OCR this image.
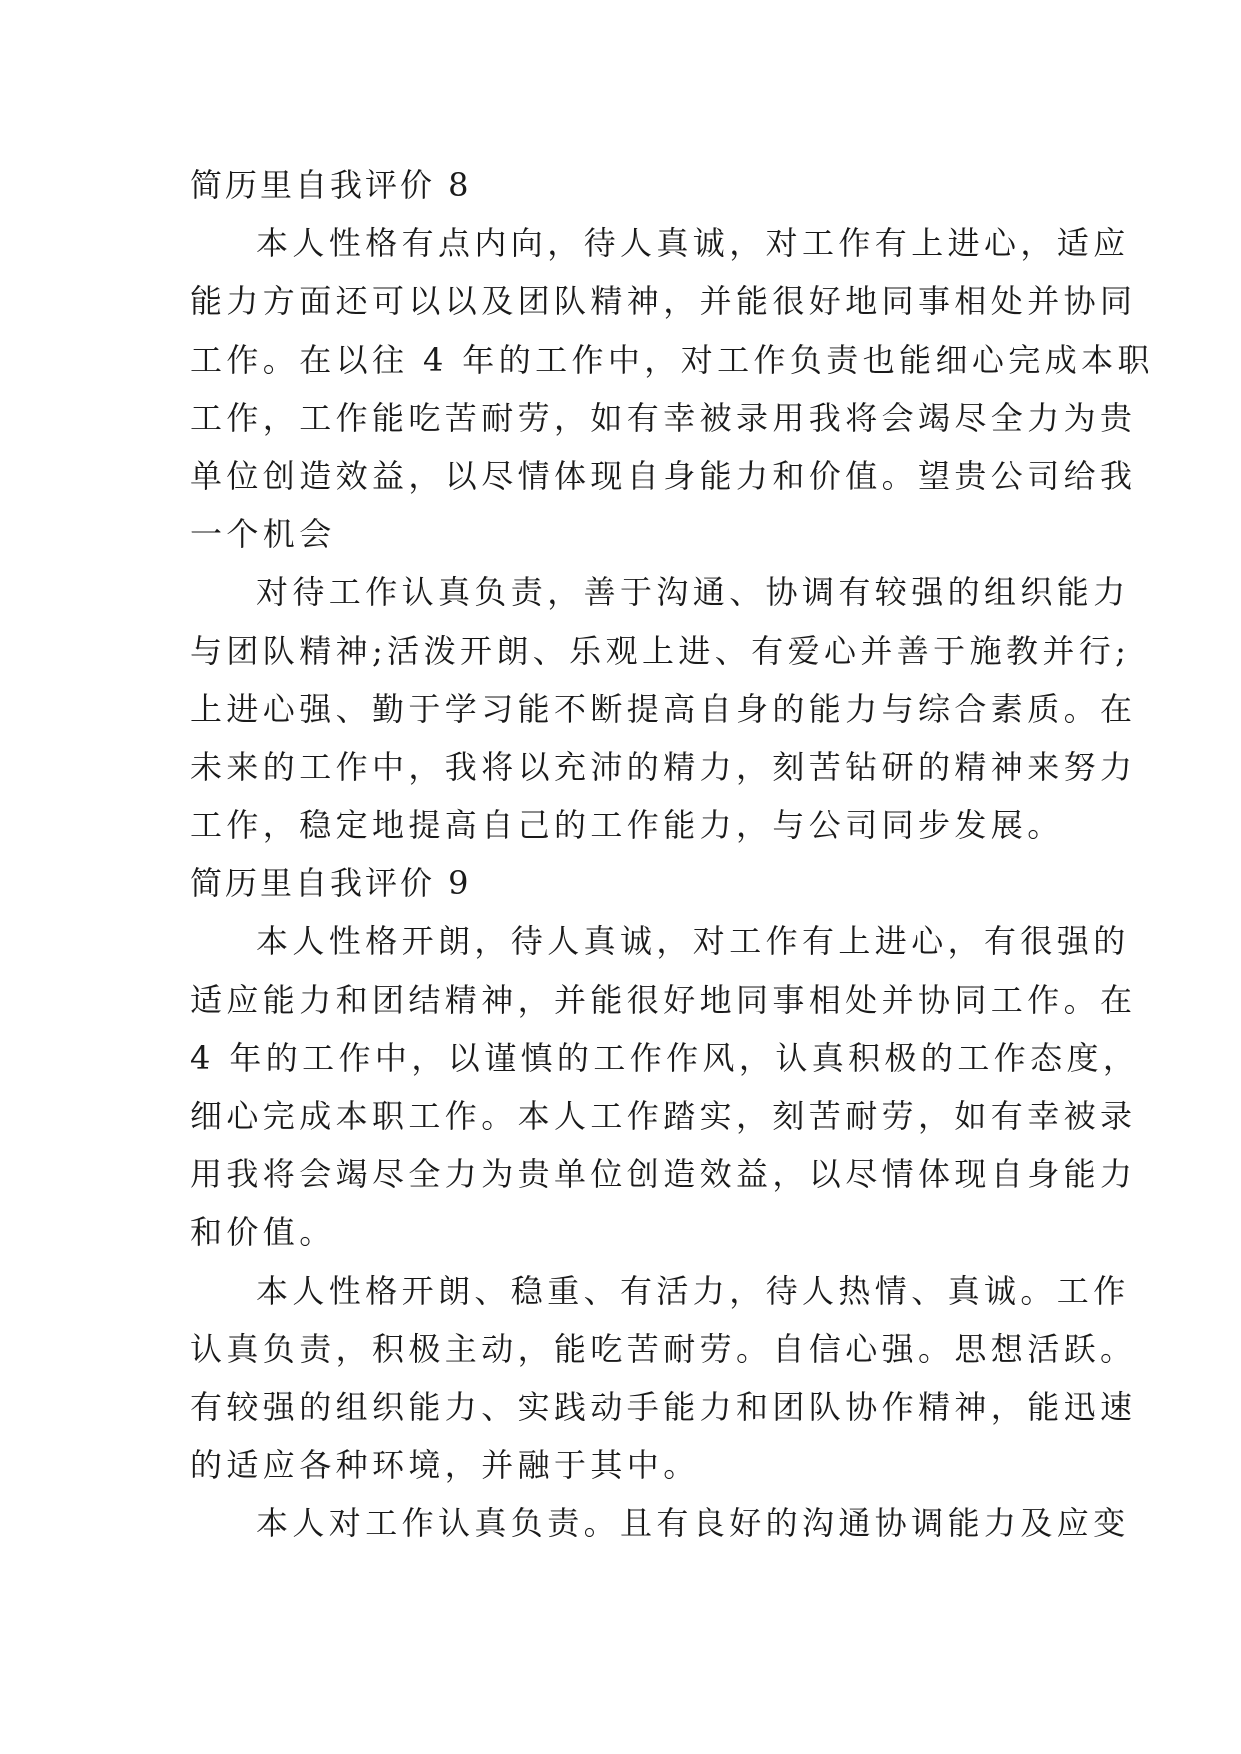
简历里自我评价 8
本人性格有点内向，待人真诚，对工作有上进心，适应
能力方面还可以以及团队精神，并能很好地同事相处并协同
工作。在以往 4 年的工作中，对工作负责也能细心完成本职
工作，工作能吃苦耐劳，如有幸被录用我将会竭尽全力为贵
单位创造效益，以尽情体现自身能力和价值。望贵公司给我
一个机会
对待工作认真负责，善于沟通、协调有较强的组织能力
与团队精神;活泼开朗、乐观上进、有爱心并善于施教并行;
上进心强、勤于学习能不断提高自身的能力与综合素质。在
未来的工作中，我将以充沛的精力，刻苦钻研的精神来努力
工作，稳定地提高自己的工作能力，与公司同步发展。
简历里自我评价 9
本人性格开朗，待人真诚，对工作有上进心，有很强的
适应能力和团结精神，并能很好地同事相处并协同工作。在
4 年的工作中，以谨慎的工作作风，认真积极的工作态度，
细心完成本职工作。本人工作踏实，刻苦耐劳，如有幸被录
用我将会竭尽全力为贵单位创造效益，以尽情体现自身能力
和价值。
本人性格开朗、稳重、有活力，待人热情、真诚。工作
认真负责，积极主动，能吃苦耐劳。自信心强。思想活跃。
有较强的组织能力、实践动手能力和团队协作精神，能迅速
的适应各种环境，并融于其中。
本人对工作认真负责。且有良好的沟通协调能力及应变
